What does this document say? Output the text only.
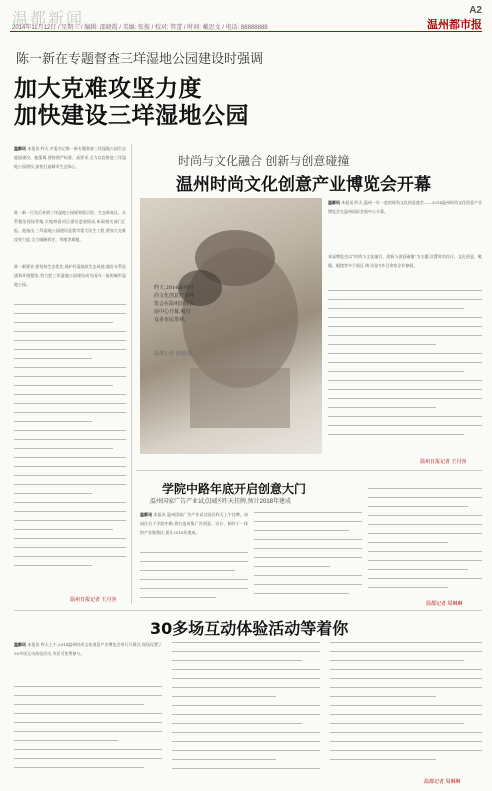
温都新闻	A2
温州都市报
2014年11月12日 / 星期三 / 编辑: 邵晓霞 / 美编: 张俊 / 校对: 管蕾 / 时间: 戴思文 / 电话: 88888888
陈一新在专题督查三垟湿地公园建设时强调
加大克难攻坚力度
加快建设三垟湿地公园
温都讯 本报讯 昨天,市委书记陈一新专题督查三垟湿地公园生态庭园建设。他强调,要按照严标准、高要求,全力以赴推进三垟湿地公园建设,加快打造城市生态绿心。
陈一新一行先后来到三垟湿地公园规划展示馆、生态修复区、水系整治现场等地,实地察看项目建设进展情况,听取相关部门汇报。他指出,三垟湿地公园建设是我市重大民生工程,要加大克难攻坚力度,全力破解拆迁、用地等难题。
陈一新要求,要坚持生态优先,保护好湿地原生态风貌,做好水系连通和环境整治,努力把三垟湿地公园建设成为国内一流的城市湿地公园。
温州日报记者 王丹容
时尚与文化融合 创新与创意碰撞
温州时尚文化创意产业博览会开幕
昨天,2014温州时尚文化创意产业博览会在温州国际会展中心开幕,吸引众多市民参观。
温都记者 黄微/摄
温都讯 本报讯 昨天,温州一年一度的时尚文化创意盛会——2014温州时尚文化创意产业博览会在温州国际会展中心开幕。
本届博览会以“时尚与文化融合、创新与创意碰撞”为主题,设置时尚设计、文化创意、鞋服、眼镜等多个展区,吸引国内外百余家企业参展。
温州日报记者 王丹容
学院中路年底开启创意大门
温州国家广告产业试点园区昨天挂牌,预计2018年建成
温都讯 本报讯 温州国家广告产业试点园区昨天上午挂牌。该园区位于学院中路,将打造成集广告创意、设计、制作于一体的产业集聚区,预计2018年建成。
温都记者 周琳琳
30多场互动体验活动等着你
温都讯 本报讯 昨天上午,2014温州时尚文化创意产业博览会举行开幕式,现场设置了30多场互动体验活动,市民可免费参与。
温都记者 周琳琳
